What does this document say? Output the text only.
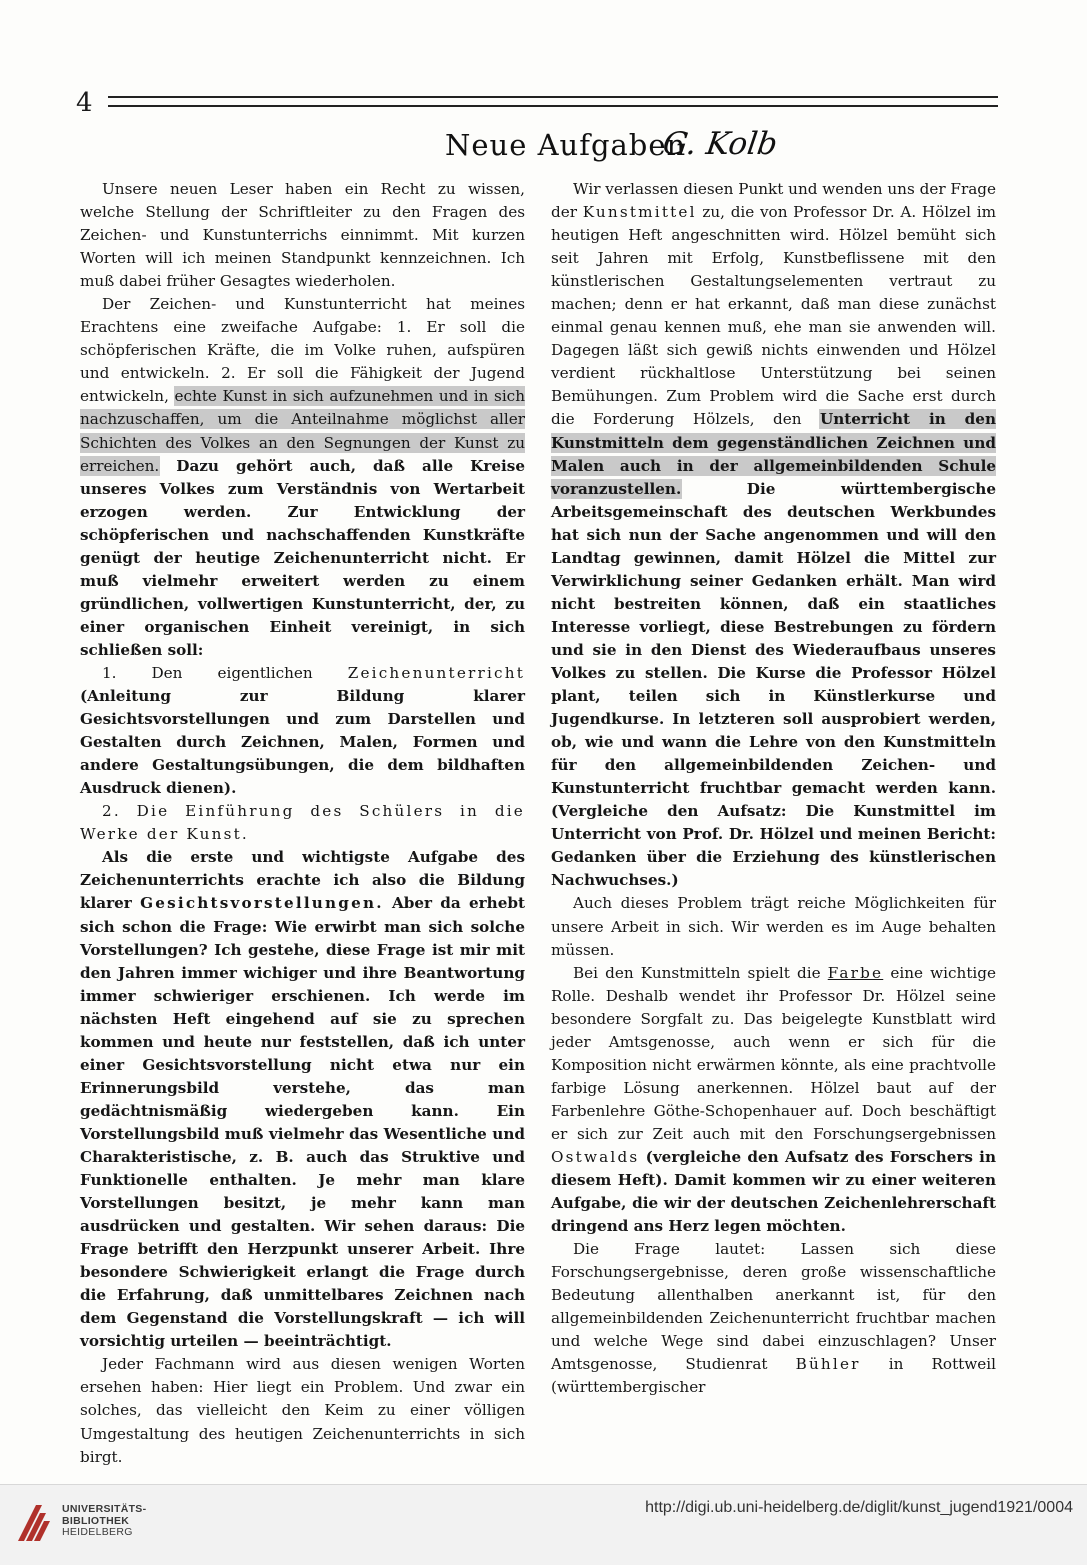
4
Neue Aufgaben
G. Kolb

Unsere neuen Leser haben ein Recht zu wissen, welche Stellung der Schriftleiter zu den Fragen des Zeichen- und Kunstunterrichs einnimmt. Mit kurzen Worten will ich meinen Standpunkt kennzeichnen. Ich muß dabei früher Gesagtes wiederholen.

Der Zeichen- und Kunstunterricht hat meines Erachtens eine zweifache Aufgabe: 1. Er soll die schöpferischen Kräfte, die im Volke ruhen, aufspüren und entwickeln. 2. Er soll die Fähigkeit der Jugend entwickeln, echte Kunst in sich aufzunehmen und in sich nachzuschaffen, um die Anteilnahme möglichst aller Schichten des Volkes an den Segnungen der Kunst zu erreichen. Dazu gehört auch, daß alle Kreise unseres Volkes zum Verständnis von Wertarbeit erzogen werden. Zur Entwicklung der schöpferischen und nachschaffenden Kunstkräfte genügt der heutige Zeichenunterricht nicht. Er muß vielmehr erweitert werden zu einem gründlichen, vollwertigen Kunstunterricht, der, zu einer organischen Einheit vereinigt, in sich schließen soll:

1. Den eigentlichen Zeichenunterricht (Anleitung zur Bildung klarer Gesichtsvorstellungen und zum Darstellen und Gestalten durch Zeichnen, Malen, Formen und andere Gestaltungsübungen, die dem bildhaften Ausdruck dienen).

2. Die Einführung des Schülers in die Werke der Kunst.

Als die erste und wichtigste Aufgabe des Zeichenunterrichts erachte ich also die Bildung klarer Gesichtsvorstellungen. Aber da erhebt sich schon die Frage: Wie erwirbt man sich solche Vorstellungen? Ich gestehe, diese Frage ist mir mit den Jahren immer wichiger und ihre Beantwortung immer schwieriger erschienen. Ich werde im nächsten Heft eingehend auf sie zu sprechen kommen und heute nur feststellen, daß ich unter einer Gesichtsvorstellung nicht etwa nur ein Erinnerungsbild verstehe, das man gedächtnismäßig wiedergeben kann. Ein Vorstellungsbild muß vielmehr das Wesentliche und Charakteristische, z. B. auch das Struktive und Funktionelle enthalten. Je mehr man klare Vorstellungen besitzt, je mehr kann man ausdrücken und gestalten. Wir sehen daraus: Die Frage betrifft den Herzpunkt unserer Arbeit. Ihre besondere Schwierigkeit erlangt die Frage durch die Erfahrung, daß unmittelbares Zeichnen nach dem Gegenstand die Vorstellungskraft — ich will vorsichtig urteilen — beeinträchtigt.

Jeder Fachmann wird aus diesen wenigen Worten ersehen haben: Hier liegt ein Problem. Und zwar ein solches, das vielleicht den Keim zu einer völligen Umgestaltung des heutigen Zeichenunterrichts in sich birgt.

Wir verlassen diesen Punkt und wenden uns der Frage der Kunstmittel zu, die von Professor Dr. A. Hölzel im heutigen Heft angeschnitten wird. Hölzel bemüht sich seit Jahren mit Erfolg, Kunstbeflissene mit den künstlerischen Gestaltungselementen vertraut zu machen; denn er hat erkannt, daß man diese zunächst einmal genau kennen muß, ehe man sie anwenden will. Dagegen läßt sich gewiß nichts einwenden und Hölzel verdient rückhaltlose Unterstützung bei seinen Bemühungen. Zum Problem wird die Sache erst durch die Forderung Hölzels, den Unterricht in den Kunstmitteln dem gegenständlichen Zeichnen und Malen auch in der allgemeinbildenden Schule voranzustellen. Die württembergische Arbeitsgemeinschaft des deutschen Werkbundes hat sich nun der Sache angenommen und will den Landtag gewinnen, damit Hölzel die Mittel zur Verwirklichung seiner Gedanken erhält. Man wird nicht bestreiten können, daß ein staatliches Interesse vorliegt, diese Bestrebungen zu fördern und sie in den Dienst des Wiederaufbaus unseres Volkes zu stellen. Die Kurse die Professor Hölzel plant, teilen sich in Künstlerkurse und Jugendkurse. In letzteren soll ausprobiert werden, ob, wie und wann die Lehre von den Kunstmitteln für den allgemeinbildenden Zeichen- und Kunstunterricht fruchtbar gemacht werden kann. (Vergleiche den Aufsatz: Die Kunstmittel im Unterricht von Prof. Dr. Hölzel und meinen Bericht: Gedanken über die Erziehung des künstlerischen Nachwuchses.)

Auch dieses Problem trägt reiche Möglichkeiten für unsere Arbeit in sich. Wir werden es im Auge behalten müssen.

Bei den Kunstmitteln spielt die Farbe eine wichtige Rolle. Deshalb wendet ihr Professor Dr. Hölzel seine besondere Sorgfalt zu. Das beigelegte Kunstblatt wird jeder Amtsgenosse, auch wenn er sich für die Komposition nicht erwärmen könnte, als eine prachtvolle farbige Lösung anerkennen. Hölzel baut auf der Farbenlehre Göthe-Schopenhauer auf. Doch beschäftigt er sich zur Zeit auch mit den Forschungsergebnissen Ostwalds (vergleiche den Aufsatz des Forschers in diesem Heft). Damit kommen wir zu einer weiteren Aufgabe, die wir der deutschen Zeichenlehrerschaft dringend ans Herz legen möchten.

Die Frage lautet: Lassen sich diese Forschungsergebnisse, deren große wissenschaftliche Bedeutung allenthalben anerkannt ist, für den allgemeinbildenden Zeichenunterricht fruchtbar machen und welche Wege sind dabei einzuschlagen? Unser Amtsgenosse, Studienrat Bühler in Rottweil (württembergischer

UNIVERSITÄTS-
BIBLIOTHEK
HEIDELBERG
http://digi.ub.uni-heidelberg.de/diglit/kunst_jugend1921/0004
